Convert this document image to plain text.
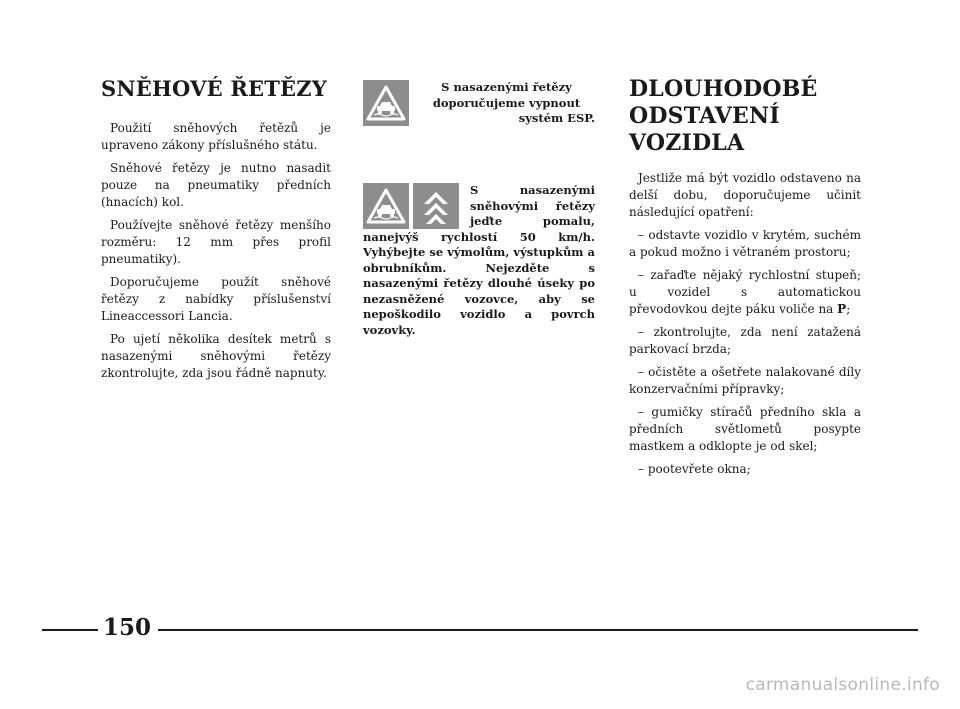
SNĚHOVÉ ŘETĚZY

Použití sněhových řetězů je upraveno zákony příslušného státu.

Sněhové řetězy je nutno nasadit pouze na pneumatiky předních (hnacích) kol.

Používejte sněhové řetězy menšího rozměru: 12 mm přes profil pneumatiky).

Doporučujeme použít sněhové řetězy z nabídky příslušenství Lineaccessori Lancia.

Po ujetí několika desítek metrů s nasazenými sněhovými řetězy zkontrolujte, zda jsou řádně napnuty.

S nasazenými řetězy doporučujeme vypnout systém ESP.

S nasazenými sněhovými řetězy jeďte pomalu, nanejvýš rychlostí 50 km/h. Vyhýbejte se výmolům, výstupkům a obrubníkům. Nejezděte s nasazenými řetězy dlouhé úseky po nezasněžené vozovce, aby se nepoškodilo vozidlo a povrch vozovky.

DLOUHODOBÉ
ODSTAVENÍ
VOZIDLA

Jestliže má být vozidlo odstaveno na delší dobu, doporučujeme učinit následující opatření:

– odstavte vozidlo v krytém, suchém a pokud možno i větraném prostoru;

– zařaďte nějaký rychlostní stupeň; u vozidel s automatickou převodovkou dejte páku voliče na P;

– zkontrolujte, zda není zatažená parkovací brzda;

– očistěte a ošetřete nalakované díly konzervačními přípravky;

– gumičky stíračů předního skla a předních světlometů posypte mastkem a odklopte je od skel;

– pootevřete okna;

150
carmanualsonline.info
